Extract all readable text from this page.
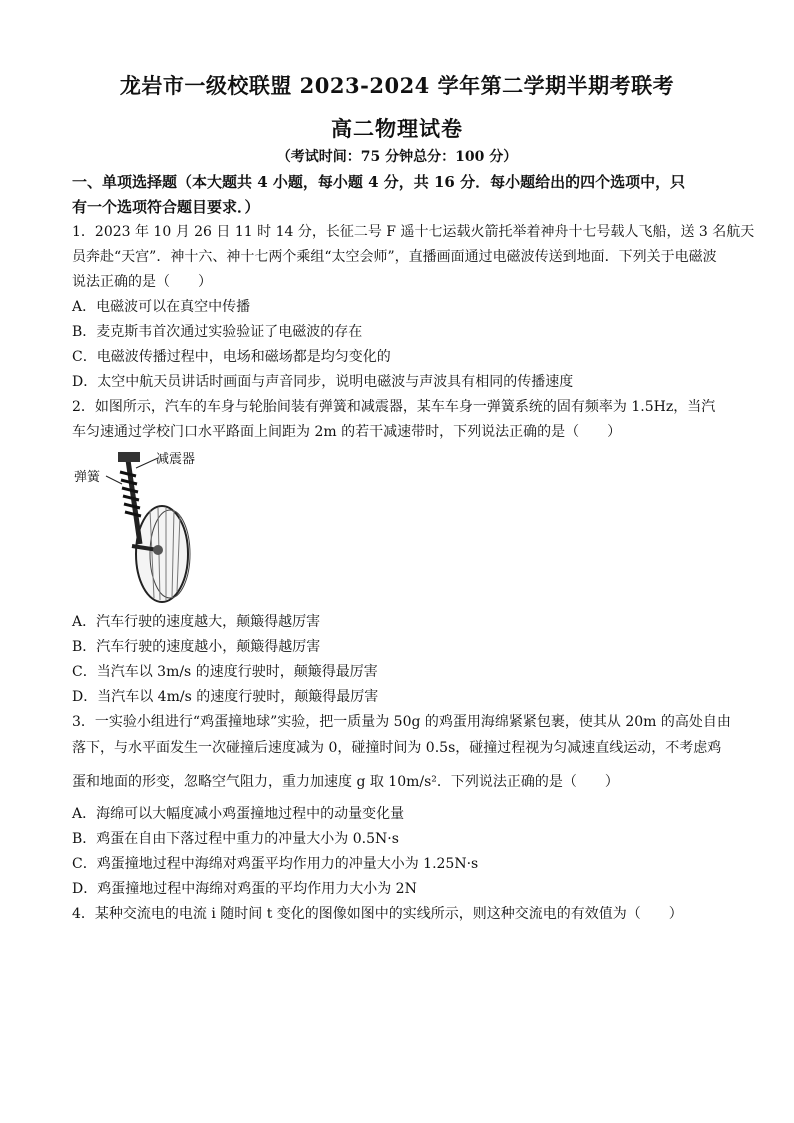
龙岩市一级校联盟 2023-2024 学年第二学期半期考联考
高二物理试卷
（考试时间：75 分钟总分：100 分）
一、单项选择题（本大题共 4 小题，每小题 4 分，共 16 分．每小题给出的四个选项中，只
有一个选项符合题目要求．）
1．2023 年 10 月 26 日 11 时 14 分，长征二号 F 遥十七运载火箭托举着神舟十七号载人飞船，送 3 名航天
员奔赴“天宫”．神十六、神十七两个乘组“太空会师”，直播画面通过电磁波传送到地面．下列关于电磁波
说法正确的是（　　）
A．电磁波可以在真空中传播
B．麦克斯韦首次通过实验验证了电磁波的存在
C．电磁波传播过程中，电场和磁场都是均匀变化的
D．太空中航天员讲话时画面与声音同步，说明电磁波与声波具有相同的传播速度
2．如图所示，汽车的车身与轮胎间装有弹簧和减震器，某车车身一弹簧系统的固有频率为 1.5Hz，当汽
车匀速通过学校门口水平路面上间距为 2m 的若干减速带时，下列说法正确的是（　　）
弹簧
减震器
A．汽车行驶的速度越大，颠簸得越厉害
B．汽车行驶的速度越小，颠簸得越厉害
C．当汽车以 3m/s 的速度行驶时，颠簸得最厉害
D．当汽车以 4m/s 的速度行驶时，颠簸得最厉害
3．一实验小组进行“鸡蛋撞地球”实验，把一质量为 50g 的鸡蛋用海绵紧紧包裹，使其从 20m 的高处自由
落下，与水平面发生一次碰撞后速度减为 0，碰撞时间为 0.5s，碰撞过程视为匀减速直线运动，不考虑鸡
蛋和地面的形变，忽略空气阻力，重力加速度 g 取 10m/s²．下列说法正确的是（　　）
A．海绵可以大幅度减小鸡蛋撞地过程中的动量变化量
B．鸡蛋在自由下落过程中重力的冲量大小为 0.5N·s
C．鸡蛋撞地过程中海绵对鸡蛋平均作用力的冲量大小为 1.25N·s
D．鸡蛋撞地过程中海绵对鸡蛋的平均作用力大小为 2N
4．某种交流电的电流 i 随时间 t 变化的图像如图中的实线所示，则这种交流电的有效值为（　　）
